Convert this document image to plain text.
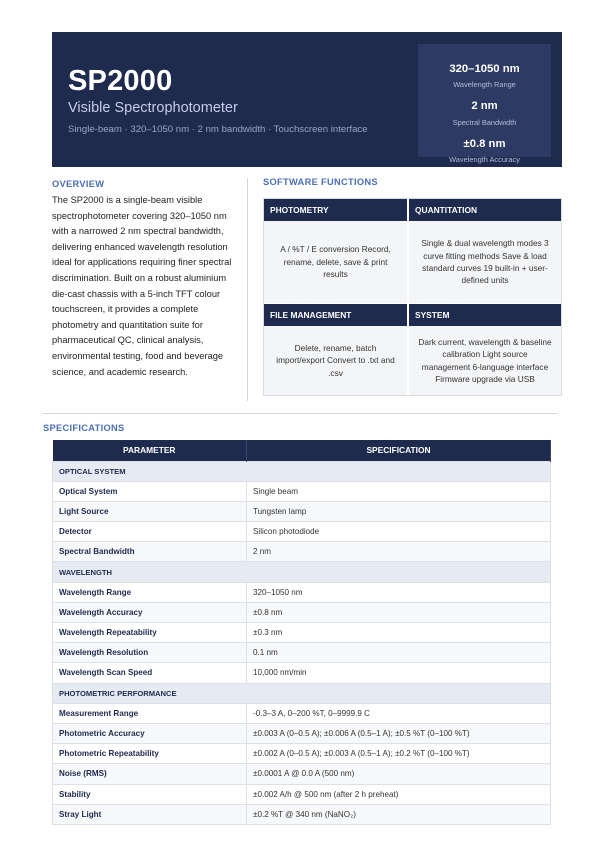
SP2000
Visible Spectrophotometer
Single-beam · 320–1050 nm · 2 nm bandwidth · Touchscreen interface
320–1050 nm
Wavelength Range
2 nm
Spectral Bandwidth
±0.8 nm
Wavelength Accuracy
OVERVIEW
The SP2000 is a single-beam visible spectrophotometer covering 320–1050 nm with a narrowed 2 nm spectral bandwidth, delivering enhanced wavelength resolution ideal for applications requiring finer spectral discrimination. Built on a robust aluminium die-cast chassis with a 5-inch TFT colour touchscreen, it provides a complete photometry and quantitation suite for pharmaceutical QC, clinical analysis, environmental testing, food and beverage science, and academic research.
SOFTWARE FUNCTIONS
PHOTOMETRY	QUANTITATION
A / %T / E conversion Record, rename, delete, save & print results
Single & dual wavelength modes 3 curve fitting methods Save & load standard curves 19 built-in + user-defined units
FILE MANAGEMENT	SYSTEM
Delete, rename, batch import/export Convert to .txt and .csv
Dark current, wavelength & baseline calibration Light source management 6-language interface Firmware upgrade via USB
SPECIFICATIONS
PARAMETER	SPECIFICATION
OPTICAL SYSTEM	
Optical System	Single beam
Light Source	Tungsten lamp
Detector	Silicon photodiode
Spectral Bandwidth	2 nm
WAVELENGTH	
Wavelength Range	320–1050 nm
Wavelength Accuracy	±0.8 nm
Wavelength Repeatability	±0.3 nm
Wavelength Resolution	0.1 nm
Wavelength Scan Speed	10,000 nm/min
PHOTOMETRIC PERFORMANCE	
Measurement Range	-0.3–3 A, 0–200 %T, 0–9999.9 C
Photometric Accuracy	±0.003 A (0–0.5 A); ±0.006 A (0.5–1 A); ±0.5 %T (0–100 %T)
Photometric Repeatability	±0.002 A (0–0.5 A); ±0.003 A (0.5–1 A); ±0.2 %T (0–100 %T)
Noise (RMS)	±0.0001 A @ 0.0 A (500 nm)
Stability	±0.002 A/h @ 500 nm (after 2 h preheat)
Stray Light	±0.2 %T @ 340 nm (NaNO₂)
